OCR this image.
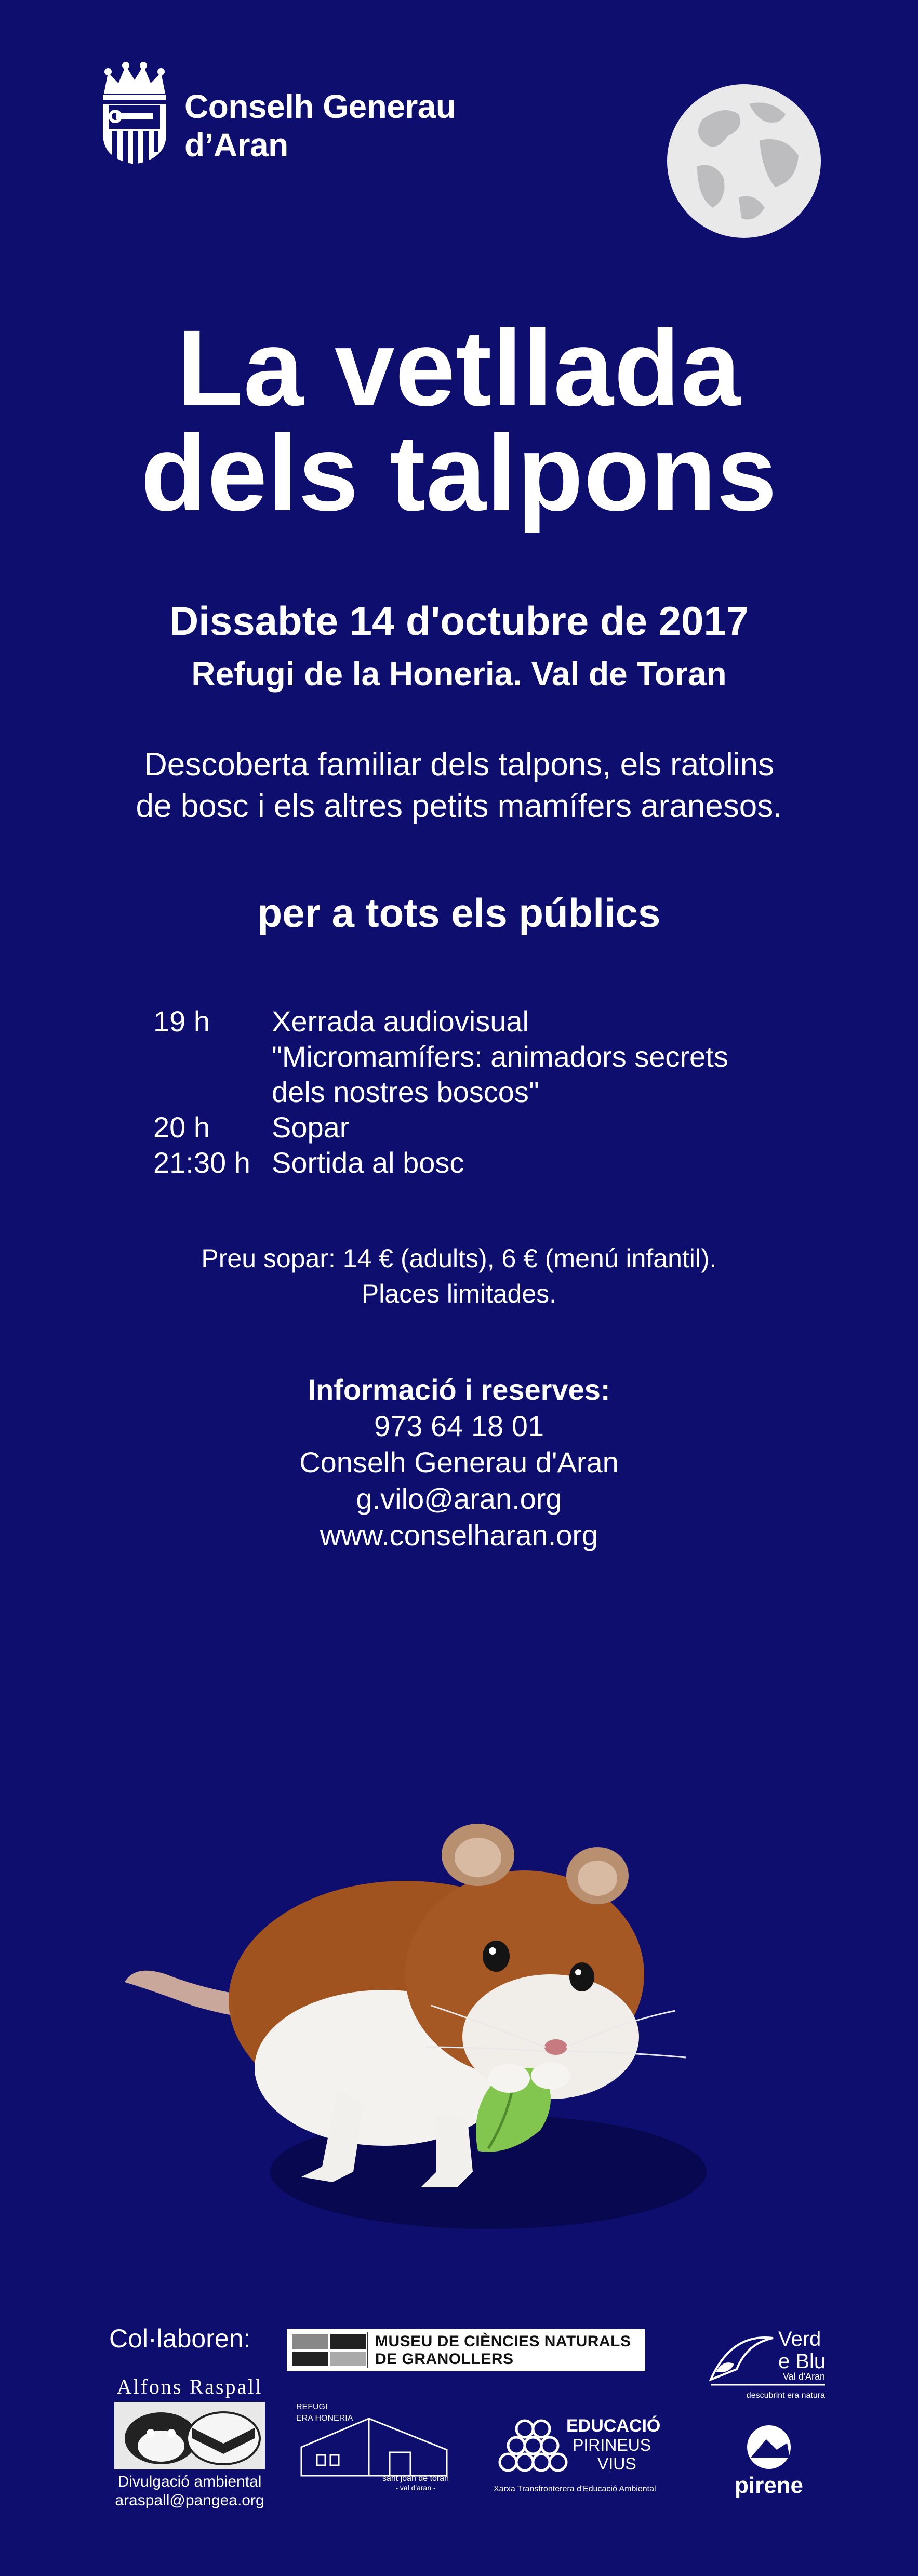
Conselh Generau
d’Aran
La vetllada
dels talpons
Dissabte 14 d'octubre de 2017
Refugi de la Honeria. Val de Toran
Descoberta familiar dels talpons, els ratolins
de bosc i els altres petits mamífers aranesos.
per a tots els públics
19 h	Xerrada audiovisual
"Micromamífers: animadors secrets
dels nostres boscos"
20 h	Sopar
21:30 h Sortida al bosc
Preu sopar: 14 € (adults), 6 € (menú infantil).
Places limitades.
Informació i reserves:
973 64 18 01
Conselh Generau d'Aran
g.vilo@aran.org
www.conselharan.org
Col·laboren:	MUSEU DE CIÈNCIES NATURALS
DE GRANOLLERS
Verd
e Blu
Val d'Aran
descubrint era natura
Alfons Raspall
Divulgació ambiental
araspall@pangea.org
REFUGI
ERA HONERIA
sant joan de toran
- val d'aran -
EDUCACIÓ
PIRINEUS
VIUS
Xarxa Transfronterera d'Educació Ambiental	pirene
